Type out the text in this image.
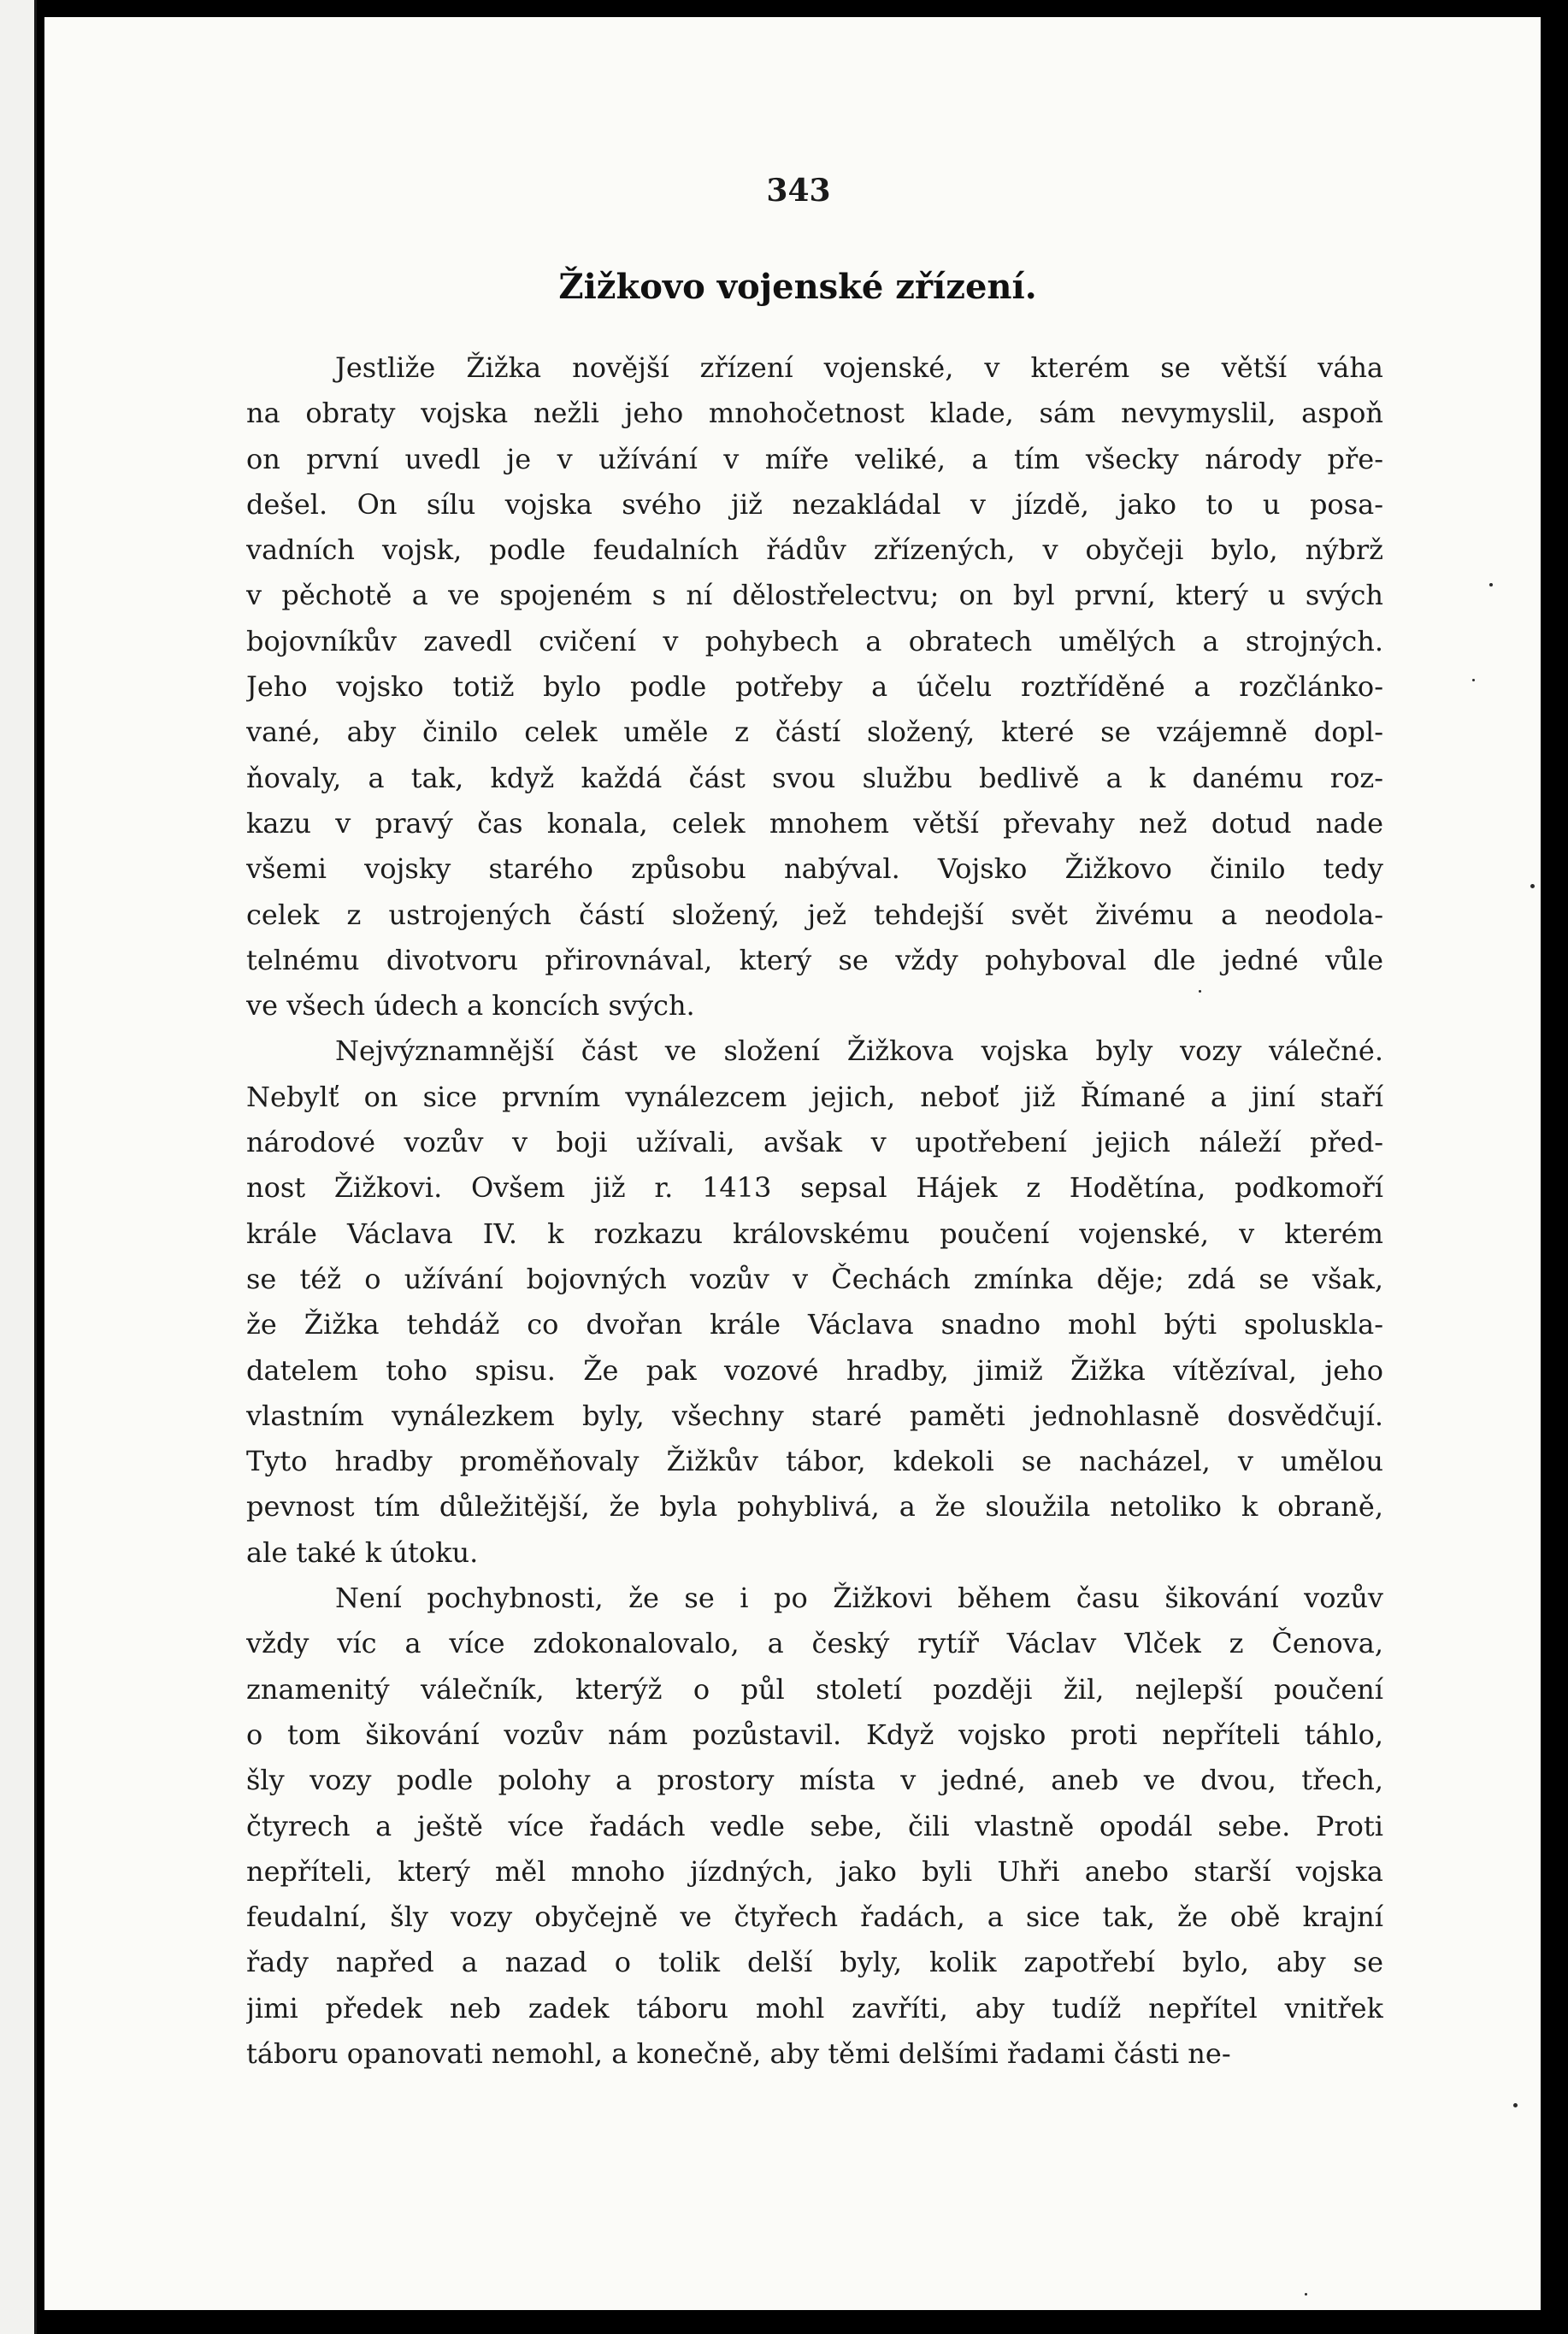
343
Žižkovo vojenské zřízení.
Jestliže Žižka novější zřízení vojenské, v kterém se větší váha
na obraty vojska nežli jeho mnohočetnost klade, sám nevymyslil, aspoň
on první uvedl je v užívání v míře veliké, a tím všecky národy pře-
dešel. On sílu vojska svého již nezakládal v jízdě, jako to u posa-
vadních vojsk, podle feudalních řádův zřízených, v obyčeji bylo, nýbrž
v pěchotě a ve spojeném s ní dělostřelectvu; on byl první, který u svých
bojovníkův zavedl cvičení v pohybech a obratech umělých a strojných.
Jeho vojsko totiž bylo podle potřeby a účelu roztříděné a rozčlánko-
vané, aby činilo celek uměle z částí složený, které se vzájemně dopl-
ňovaly, a tak, když každá část svou službu bedlivě a k danému roz-
kazu v pravý čas konala, celek mnohem větší převahy než dotud nade
všemi vojsky starého způsobu nabýval. Vojsko Žižkovo činilo tedy
celek z ustrojených částí složený, jež tehdejší svět živému a neodola-
telnému divotvoru přirovnával, který se vždy pohyboval dle jedné vůle
ve všech údech a koncích svých.
Nejvýznamnější část ve složení Žižkova vojska byly vozy válečné.
Nebylť on sice prvním vynálezcem jejich, neboť již Římané a jiní staří
národové vozův v boji užívali, avšak v upotřebení jejich náleží před-
nost Žižkovi. Ovšem již r. 1413 sepsal Hájek z Hodětína, podkomoří
krále Václava IV. k rozkazu královskému poučení vojenské, v kterém
se též o užívání bojovných vozův v Čechách zmínka děje; zdá se však,
že Žižka tehdáž co dvořan krále Václava snadno mohl býti spoluskla-
datelem toho spisu. Že pak vozové hradby, jimiž Žižka vítězíval, jeho
vlastním vynálezkem byly, všechny staré paměti jednohlasně dosvědčují.
Tyto hradby proměňovaly Žižkův tábor, kdekoli se nacházel, v umělou
pevnost tím důležitější, že byla pohyblivá, a že sloužila netoliko k obraně,
ale také k útoku.
Není pochybnosti, že se i po Žižkovi během času šikování vozův
vždy víc a více zdokonalovalo, a český rytíř Václav Vlček z Čenova,
znamenitý válečník, kterýž o půl století později žil, nejlepší poučení
o tom šikování vozův nám pozůstavil. Když vojsko proti nepříteli táhlo,
šly vozy podle polohy a prostory místa v jedné, aneb ve dvou, třech,
čtyrech a ještě více řadách vedle sebe, čili vlastně opodál sebe. Proti
nepříteli, který měl mnoho jízdných, jako byli Uhři anebo starší vojska
feudalní, šly vozy obyčejně ve čtyřech řadách, a sice tak, že obě krajní
řady napřed a nazad o tolik delší byly, kolik zapotřebí bylo, aby se
jimi předek neb zadek táboru mohl zavříti, aby tudíž nepřítel vnitřek
táboru opanovati nemohl, a konečně, aby těmi delšími řadami části ne-
